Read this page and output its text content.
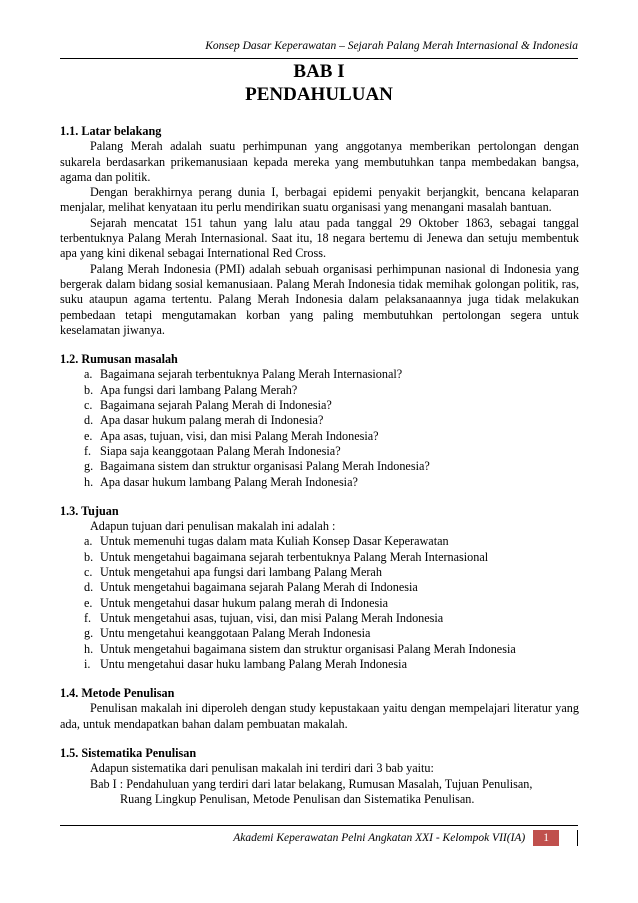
Konsep Dasar Keperawatan – Sejarah Palang Merah Internasional & Indonesia
BAB I
PENDAHULUAN
1.1. Latar belakang

Palang Merah adalah suatu perhimpunan yang anggotanya memberikan pertolongan dengan sukarela berdasarkan prikemanusiaan kepada mereka yang membutuhkan tanpa membedakan bangsa, agama dan politik.

Dengan berakhirnya perang dunia I, berbagai epidemi penyakit berjangkit, bencana kelaparan menjalar, melihat kenyataan itu perlu mendirikan suatu organisasi yang menangani masalah bantuan.

Sejarah mencatat 151 tahun yang lalu atau pada tanggal 29 Oktober 1863, sebagai tanggal terbentuknya Palang Merah Internasional. Saat itu, 18 negara bertemu di Jenewa dan setuju membentuk apa yang kini dikenal sebagai International Red Cross.

Palang Merah Indonesia (PMI) adalah sebuah organisasi perhimpunan nasional di Indonesia yang bergerak dalam bidang sosial kemanusiaan. Palang Merah Indonesia tidak memihak golongan politik, ras, suku ataupun agama tertentu. Palang Merah Indonesia dalam pelaksanaannya juga tidak melakukan pembedaan tetapi mengutamakan korban yang paling membutuhkan pertolongan segera untuk keselamatan jiwanya.

1.2. Rumusan masalah
a. Bagaimana sejarah terbentuknya Palang Merah Internasional?
b. Apa fungsi dari lambang Palang Merah?
c. Bagaimana sejarah Palang Merah di Indonesia?
d. Apa dasar hukum palang merah di Indonesia?
e. Apa asas, tujuan, visi, dan misi Palang Merah Indonesia?
f. Siapa saja keanggotaan Palang Merah Indonesia?
g. Bagaimana sistem dan struktur organisasi Palang Merah Indonesia?
h. Apa dasar hukum lambang Palang Merah Indonesia?
1.3. Tujuan
Adapun tujuan dari penulisan makalah ini adalah :
a. Untuk memenuhi tugas dalam mata Kuliah Konsep Dasar Keperawatan
b. Untuk mengetahui bagaimana sejarah terbentuknya Palang Merah Internasional
c. Untuk mengetahui apa fungsi dari lambang Palang Merah
d. Untuk mengetahui bagaimana sejarah Palang Merah di Indonesia
e. Untuk mengetahui dasar hukum palang merah di Indonesia
f. Untuk mengetahui asas, tujuan, visi, dan misi Palang Merah Indonesia
g. Untu mengetahui keanggotaan Palang Merah Indonesia
h. Untuk mengetahui bagaimana sistem dan struktur organisasi Palang Merah Indonesia
i. Untu mengetahui dasar huku lambang Palang Merah Indonesia
1.4. Metode Penulisan

Penulisan makalah ini diperoleh dengan study kepustakaan yaitu dengan mempelajari literatur yang ada, untuk mendapatkan bahan dalam pembuatan makalah.

1.5. Sistematika Penulisan
Adapun sistematika dari penulisan makalah ini terdiri dari 3 bab yaitu:
Bab I : Pendahuluan yang terdiri dari latar belakang, Rumusan Masalah, Tujuan Penulisan,
Ruang Lingkup Penulisan, Metode Penulisan dan Sistematika Penulisan.
Akademi Keperawatan Pelni Angkatan XXI - Kelompok VII(IA) 1
